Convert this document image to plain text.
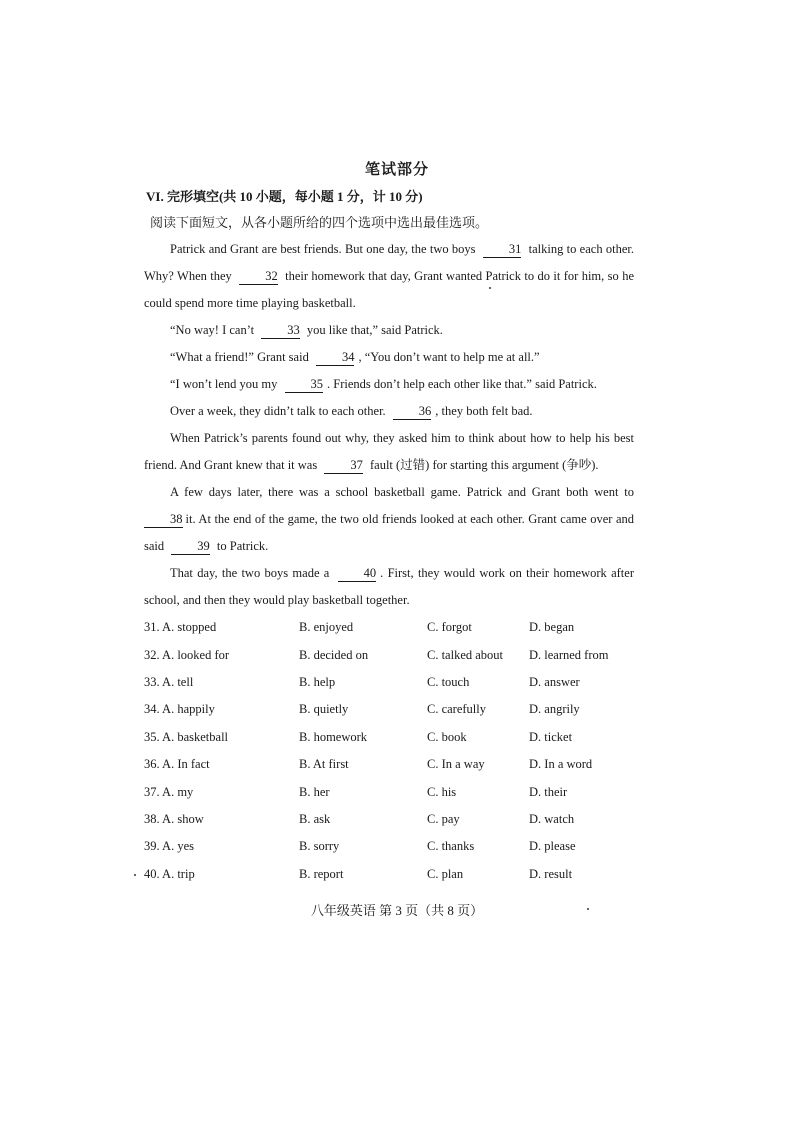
笔试部分
VI. 完形填空(共 10 小题，每小题 1 分，计 10 分)
阅读下面短文，从各小题所给的四个选项中选出最佳选项。

Patrick and Grant are best friends. But one day, the two boys 31 talking to each other. Why? When they 32 their homework that day, Grant wanted Patrick to do it for him, so he could spend more time playing basketball.

“No way! I can’t 33 you like that,” said Patrick.

“What a friend!” Grant said 34 , “You don’t want to help me at all.”

“I won’t lend you my 35 . Friends don’t help each other like that.” said Patrick.

Over a week, they didn’t talk to each other. 36 , they both felt bad.

When Patrick’s parents found out why, they asked him to think about how to help his best friend. And Grant knew that it was 37 fault (过错) for starting this argument (争吵).

A few days later, there was a school basketball game. Patrick and Grant both went to 38 it. At the end of the game, the two old friends looked at each other. Grant came over and said 39 to Patrick.

That day, the two boys made a 40 . First, they would work on their homework after school, and then they would play basketball together.

31. A. stopped	B. enjoyed	C. forgot	D. began
32. A. looked for	B. decided on	C. talked about	D. learned from
33. A. tell	B. help	C. touch	D. answer
34. A. happily	B. quietly	C. carefully	D. angrily
35. A. basketball	B. homework	C. book	D. ticket
36. A. In fact	B. At first	C. In a way	D. In a word
37. A. my	B. her	C. his	D. their
38. A. show	B. ask	C. pay	D. watch
39. A. yes	B. sorry	C. thanks	D. please
40. A. trip	B. report	C. plan	D. result
八年级英语 第 3 页（共 8 页）
